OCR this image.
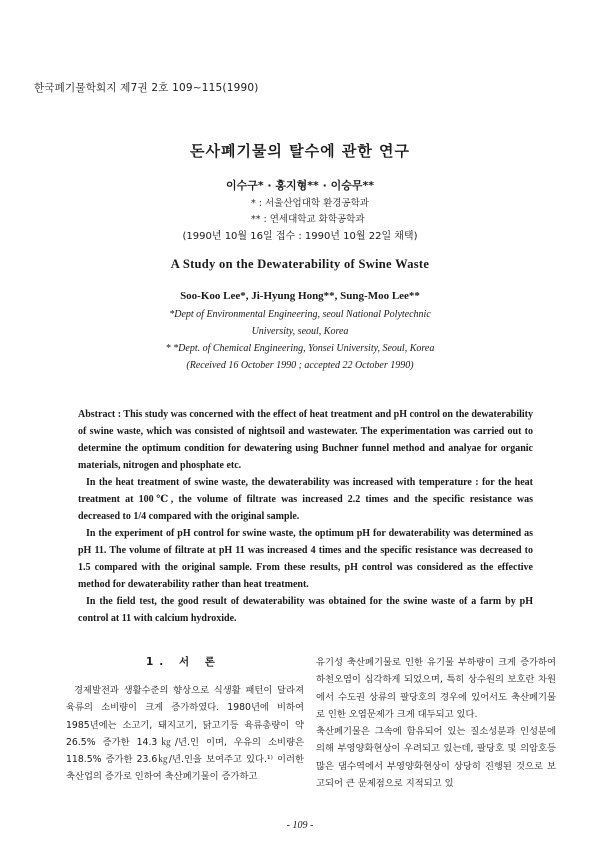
한국폐기물학회지 제7권 2호 109∼115(1990)
돈사폐기물의 탈수에 관한 연구
이수구* · 홍지형** · 이승무**
* : 서울산업대학 환경공학과
** : 연세대학교 화학공학과
(1990년 10월 16일 접수 : 1990년 10월 22일 채택)
A Study on the Dewaterability of Swine Waste
Soo-Koo Lee*, Ji-Hyung Hong**, Sung-Moo Lee**
*Dept of Environmental Engineering, seoul National Polytechnic
University, seoul, Korea
* *Dept. of Chemical Engineering, Yonsei University, Seoul, Korea
(Received 16 October 1990 ; accepted 22 October 1990)

Abstract : This study was concerned with the effect of heat treatment and pH control on the dewaterability of swine waste, which was consisted of nightsoil and wastewater. The experimentation was carried out to determine the optimum condition for dewatering using Buchner funnel method and analyae for organic materials, nitrogen and phosphate etc.

In the heat treatment of swine waste, the dewaterability was increased with temperature : for the heat treatment at 100℃, the volume of filtrate was increased 2.2 times and the specific resistance was decreased to 1/4 compared with the original sample.

In the experiment of pH control for swine waste, the optimum pH for dewaterability was determined as pH 11. The volume of filtrate at pH 11 was increased 4 times and the specific resistance was decreased to 1.5 compared with the original sample. From these results, pH control was considered as the effective method for dewaterability rather than heat treatment.

In the field test, the good result of dewaterability was obtained for the swine waste of a farm by pH control at 11 with calcium hydroxide.

1. 서 론

경제발전과 생활수준의 향상으로 식생활 패턴이 달라져 육류의 소비량이 크게 증가하였다. 1980년에 비하여 1985년에는 소고기, 돼지고기, 닭고기등 육류총량이 약 26.5% 증가한 14.3㎏/년.인 이며, 우유의 소비량은 118.5% 증가한 23.6㎏/년.인을 보여주고 있다.¹⁾ 이러한 축산업의 증가로 인하여 축산폐기물이 증가하고

유기성 축산폐기물로 인한 유기물 부하량이 크게 증가하여 하천오염이 심각하게 되었으며, 특히 상수원의 보호란 차원에서 수도권 상류의 팔당호의 경우에 있어서도 축산폐기물로 인한 오염문제가 크게 대두되고 있다.

축산폐기물은 그속에 함유되어 있는 질소성분과 인성분에 의해 부영양화현상이 우려되고 있는데, 팔당호 및 의암호등 많은 댐수역에서 부영양화현상이 상당히 진행된 것으로 보고되어 큰 문제점으로 지적되고 있

- 109 -
